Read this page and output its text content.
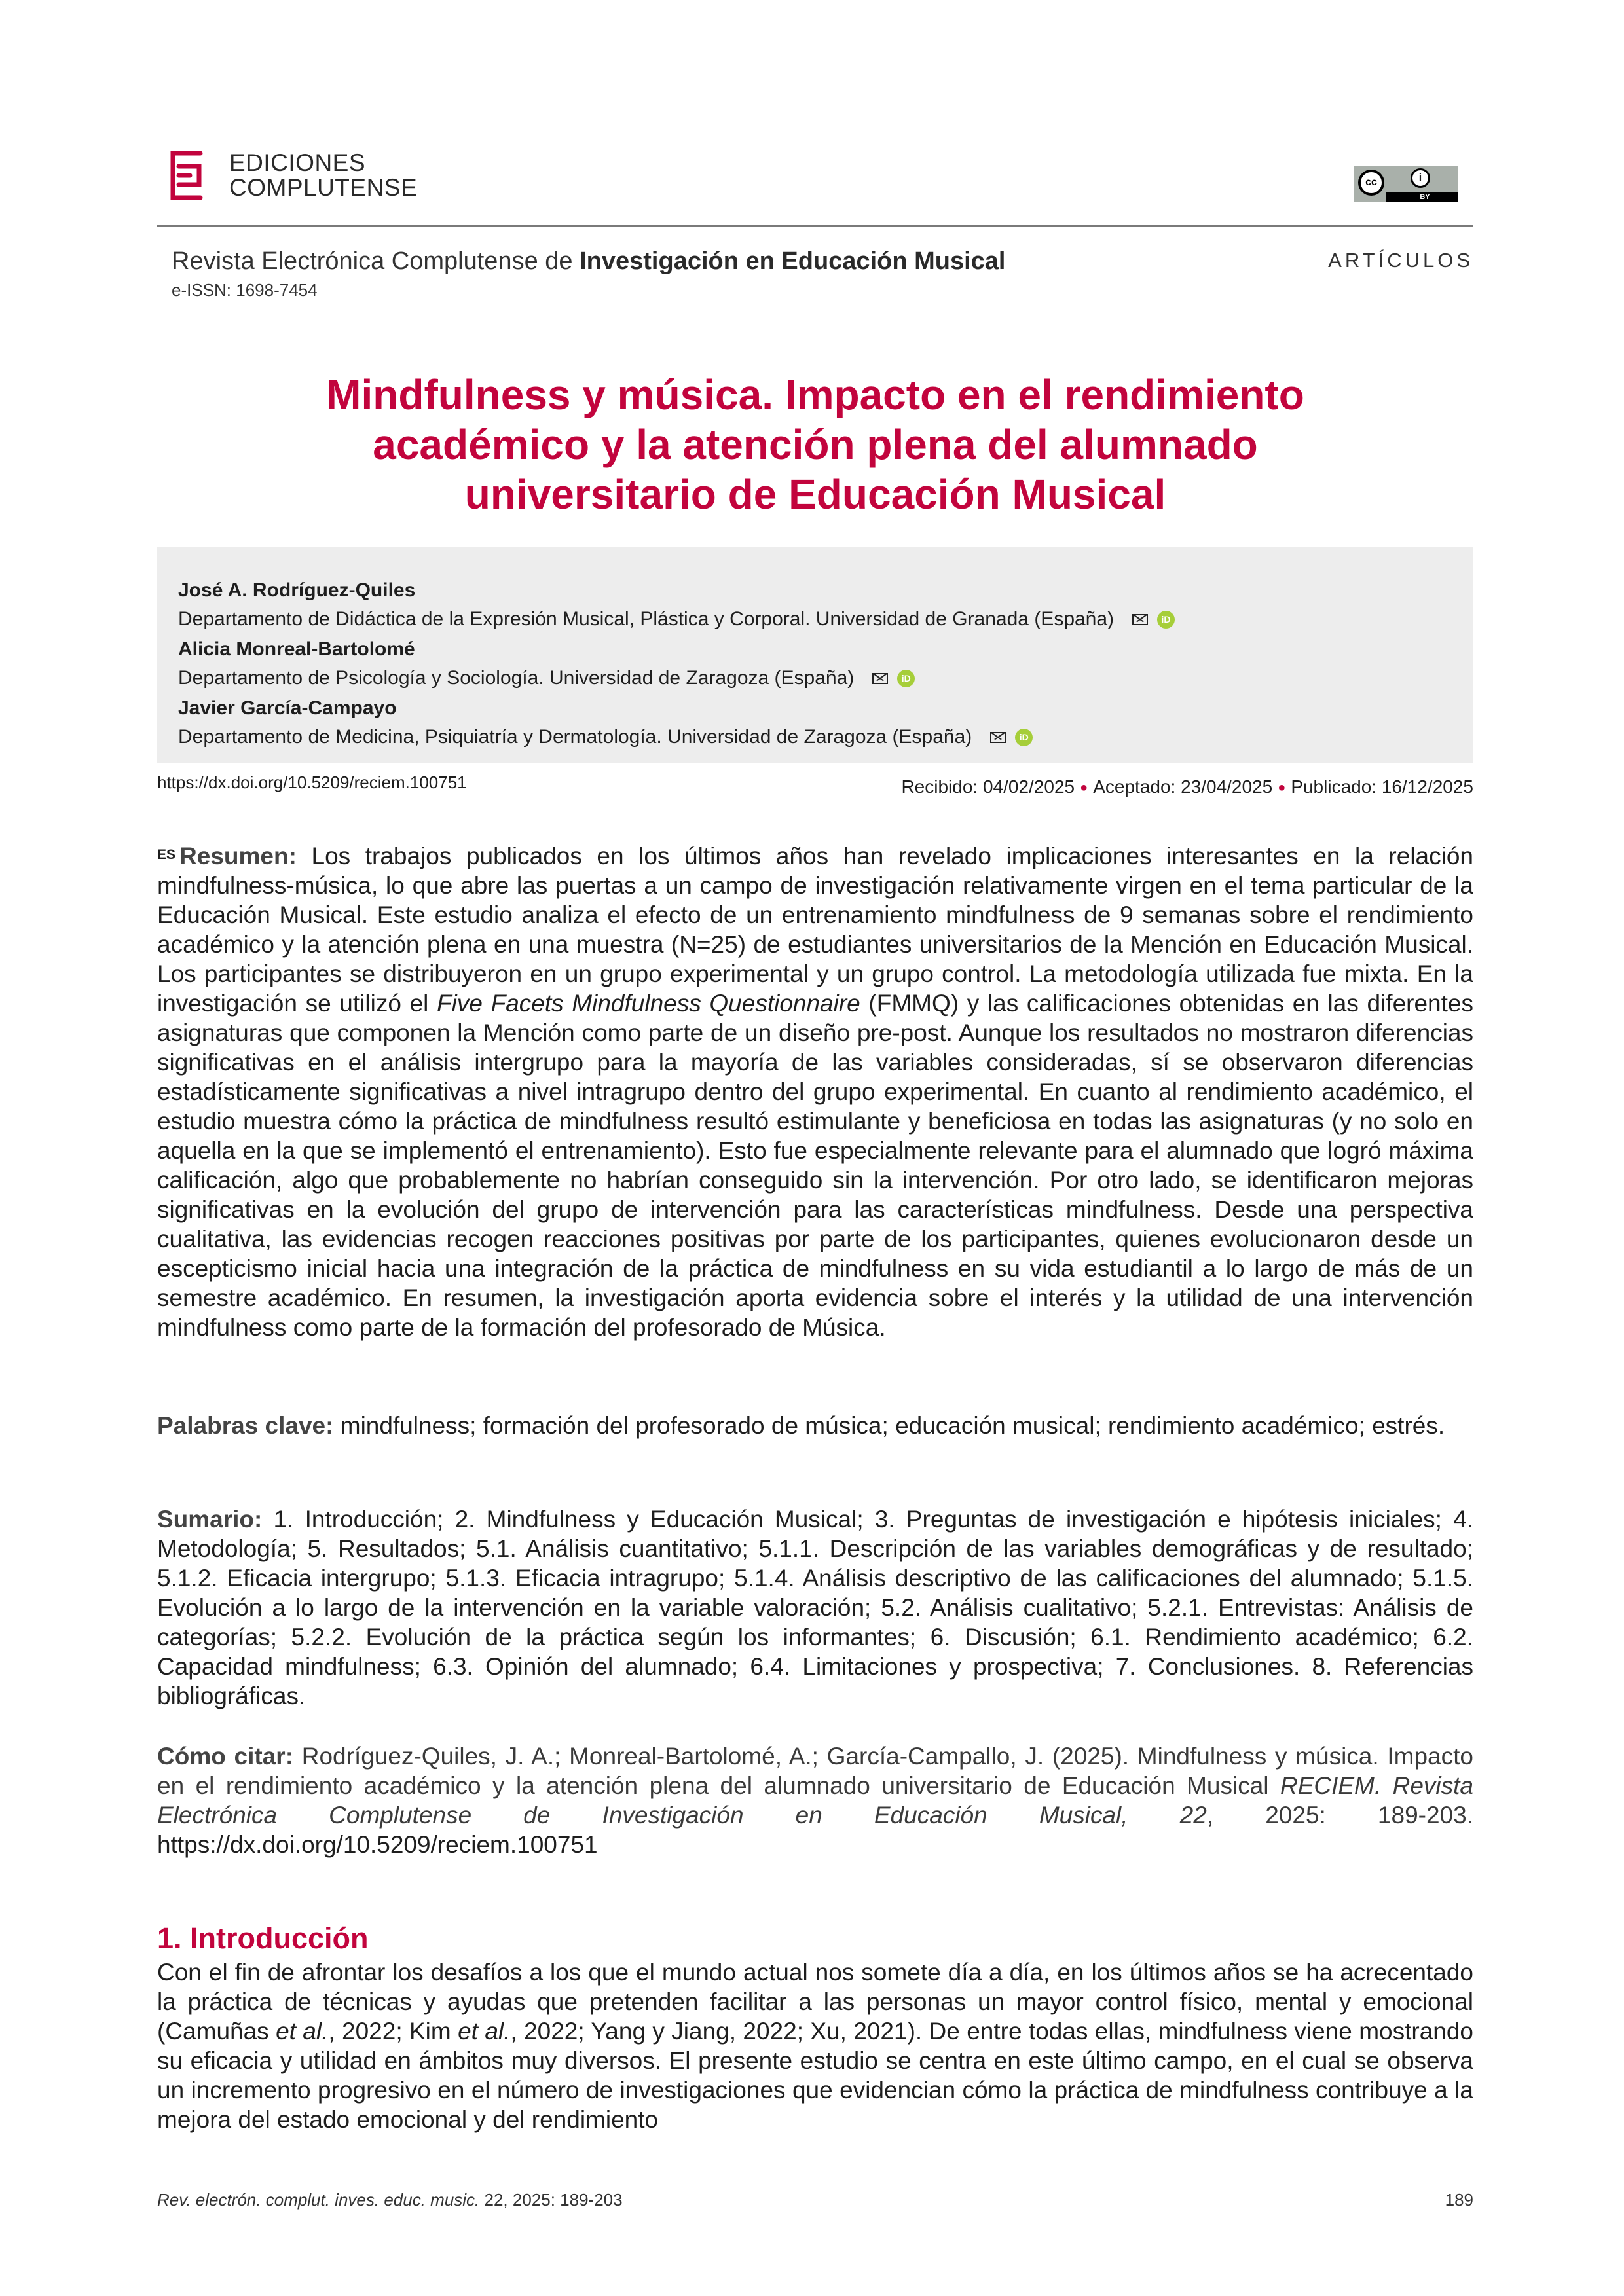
EDICIONES
COMPLUTENSE	cc	i
BY
Revista Electrónica Complutense de Investigación en Educación Musical
e-ISSN: 1698-7454
ARTÍCULOS
Mindfulness y música. Impacto en el rendimiento
académico y la atención plena del alumnado
universitario de Educación Musical
José A. Rodríguez-Quiles
Departamento de Didáctica de la Expresión Musical, Plástica y Corporal. Universidad de Granada (España)	iD
Alicia Monreal-Bartolomé
Departamento de Psicología y Sociología. Universidad de Zaragoza (España)	iD
Javier García-Campayo
Departamento de Medicina, Psiquiatría y Dermatología. Universidad de Zaragoza (España)	iD
https://dx.doi.org/10.5209/reciem.100751	Recibido: 04/02/2025 ● Aceptado: 23/04/2025 ● Publicado: 16/12/2025
$^{ES}$ Resumen: Los trabajos publicados en los últimos años han revelado implicaciones interesantes en la relación mindfulness-música, lo que abre las puertas a un campo de investigación relativamente virgen en el tema particular de la Educación Musical. Este estudio analiza el efecto de un entrenamiento mindfulness de 9 semanas sobre el rendimiento académico y la atención plena en una muestra (N=25) de estudiantes universitarios de la Mención en Educación Musical. Los participantes se distribuyeron en un grupo experimental y un grupo control. La metodología utilizada fue mixta. En la investigación se utilizó el Five Facets Mindfulness Questionnaire (FMMQ) y las calificaciones obtenidas en las diferentes asignaturas que componen la Mención como parte de un diseño pre-post. Aunque los resultados no mostraron diferencias significativas en el análisis intergrupo para la mayoría de las variables consideradas, sí se observaron diferencias estadísticamente significativas a nivel intragrupo dentro del grupo experimental. En cuanto al rendimiento académico, el estudio muestra cómo la práctica de mindfulness resultó estimulante y beneficiosa en todas las asignaturas (y no solo en aquella en la que se implementó el entrenamiento). Esto fue especialmente relevante para el alumnado que logró máxima calificación, algo que probablemente no habrían conseguido sin la intervención. Por otro lado, se identificaron mejoras significativas en la evolución del grupo de intervención para las características mindfulness. Desde una perspectiva cualitativa, las evidencias recogen reacciones positivas por parte de los participantes, quienes evolucionaron desde un escepticismo inicial hacia una integración de la práctica de mindfulness en su vida estudiantil a lo largo de más de un semestre académico. En resumen, la investigación aporta evidencia sobre el interés y la utilidad de una intervención mindfulness como parte de la formación del profesorado de Música.
Palabras clave: mindfulness; formación del profesorado de música; educación musical; rendimiento académico; estrés.
Sumario: 1. Introducción; 2. Mindfulness y Educación Musical; 3. Preguntas de investigación e hipótesis iniciales; 4. Metodología; 5. Resultados; 5.1. Análisis cuantitativo; 5.1.1. Descripción de las variables demográficas y de resultado; 5.1.2. Eficacia intergrupo; 5.1.3. Eficacia intragrupo; 5.1.4. Análisis descriptivo de las calificaciones del alumnado; 5.1.5. Evolución a lo largo de la intervención en la variable valoración; 5.2. Análisis cualitativo; 5.2.1. Entrevistas: Análisis de categorías; 5.2.2. Evolución de la práctica según los informantes; 6. Discusión; 6.1. Rendimiento académico; 6.2. Capacidad mindfulness; 6.3. Opinión del alumnado; 6.4. Limitaciones y prospectiva; 7. Conclusiones. 8. Referencias bibliográficas.
Cómo citar: Rodríguez-Quiles, J. A.; Monreal-Bartolomé, A.; García-Campallo, J. (2025). Mindfulness y música. Impacto en el rendimiento académico y la atención plena del alumnado universitario de Educación Musical RECIEM. Revista Electrónica Complutense de Investigación en Educación Musical, 22, 2025: 189-203. https://dx.doi.org/10.5209/reciem.100751
1. Introducción
Con el fin de afrontar los desafíos a los que el mundo actual nos somete día a día, en los últimos años se ha acrecentado la práctica de técnicas y ayudas que pretenden facilitar a las personas un mayor control físico, mental y emocional (Camuñas et al., 2022; Kim et al., 2022; Yang y Jiang, 2022; Xu, 2021). De entre todas ellas, mindfulness viene mostrando su eficacia y utilidad en ámbitos muy diversos. El presente estudio se centra en este último campo, en el cual se observa un incremento progresivo en el número de investigaciones que evidencian cómo la práctica de mindfulness contribuye a la mejora del estado emocional y del rendimiento
Rev. electrón. complut. inves. educ. music. 22, 2025: 189-203	189
